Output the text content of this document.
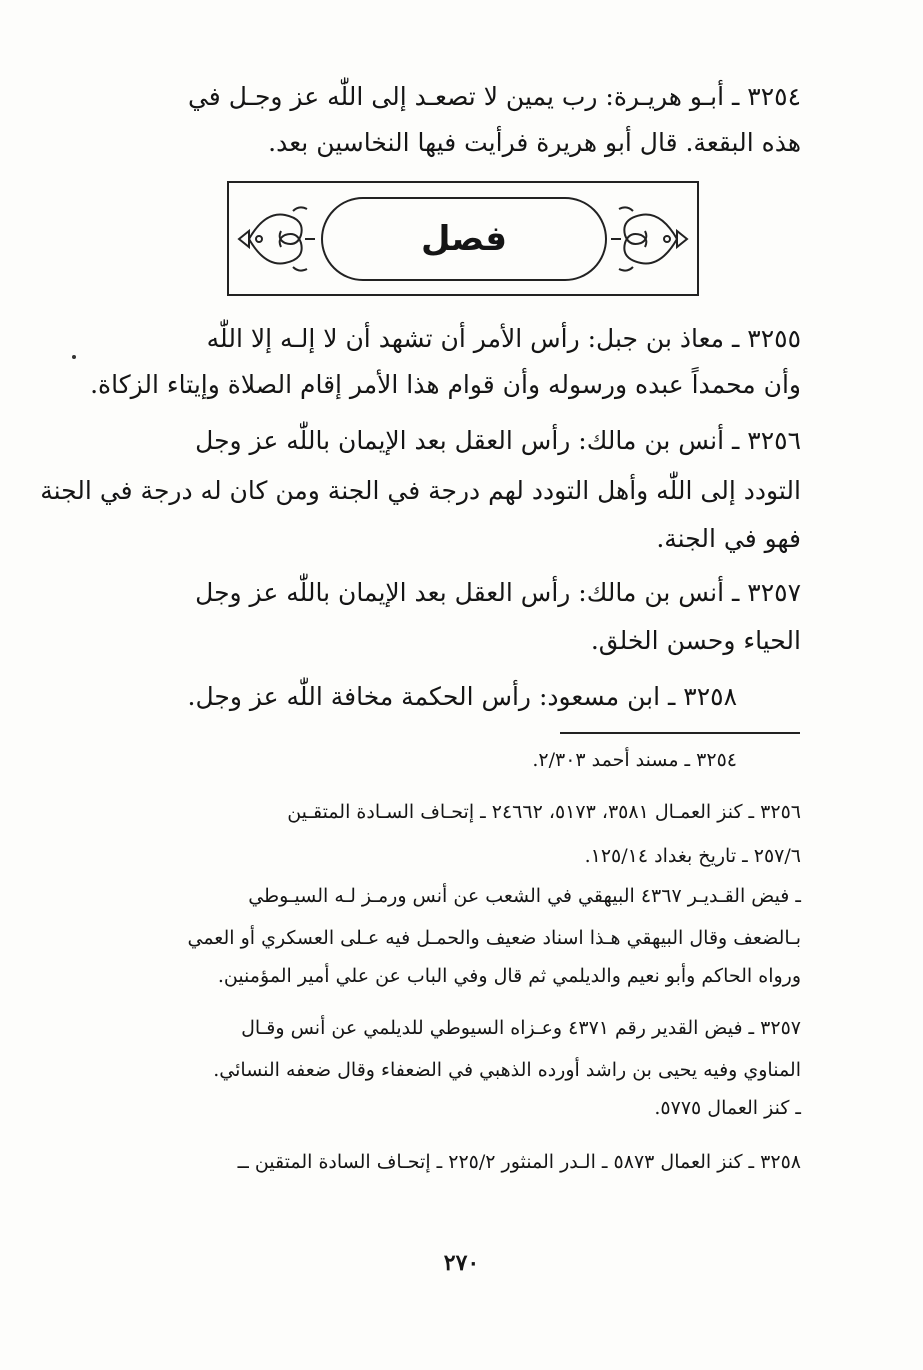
٣٢٥٤ ـ أبـو هريـرة: رب يمين لا تصعـد إلى اللّٰه عز وجـل في
هذه البقعة. قال أبو هريرة فرأيت فيها النخاسين بعد.
فصل
٣٢٥٥ ـ معاذ بن جبل: رأس الأمر أن تشهد أن لا إلـه إلا اللّٰه
وأن محمداً عبده ورسوله وأن قوام هذا الأمر إقام الصلاة وإيتاء الزكاة.
٣٢٥٦ ـ أنس بن مالك: رأس العقل بعد الإيمان باللّٰه عز وجل
التودد إلى اللّٰه وأهل التودد لهم درجة في الجنة ومن كان له درجة في الجنة
فهو في الجنة.
٣٢٥٧ ـ أنس بن مالك: رأس العقل بعد الإيمان باللّٰه عز وجل
الحياء وحسن الخلق.
٣٢٥٨ ـ ابن مسعود: رأس الحكمة مخافة اللّٰه عز وجل.
٣٢٥٤ ـ مسند أحمد ٢/٣٠٣.
٣٢٥٦ ـ كنز العمـال ٣٥٨١، ٥١٧٣، ٢٤٦٦٢ ـ إتحـاف السـادة المتقـين
٢٥٧/٦ ـ تاريخ بغداد ١٢٥/١٤.
ـ فيض القـديـر ٤٣٦٧ البيهقي في الشعب عن أنس ورمـز لـه السيـوطي
بـالضعف وقال البيهقي هـذا اسناد ضعيف والحمـل فيه عـلى العسكري أو العمي
ورواه الحاكم وأبو نعيم والديلمي ثم قال وفي الباب عن علي أمير المؤمنين.
٣٢٥٧ ـ فيض القدير رقم ٤٣٧١ وعـزاه السيوطي للديلمي عن أنس وقـال
المناوي وفيه يحيى بن راشد أورده الذهبي في الضعفاء وقال ضعفه النسائي.
ـ كنز العمال ٥٧٧٥.
٣٢٥٨ ـ كنز العمال ٥٨٧٣ ـ الـدر المنثور ٢٢٥/٢ ـ إتحـاف السادة المتقين ــ
٢٧٠
